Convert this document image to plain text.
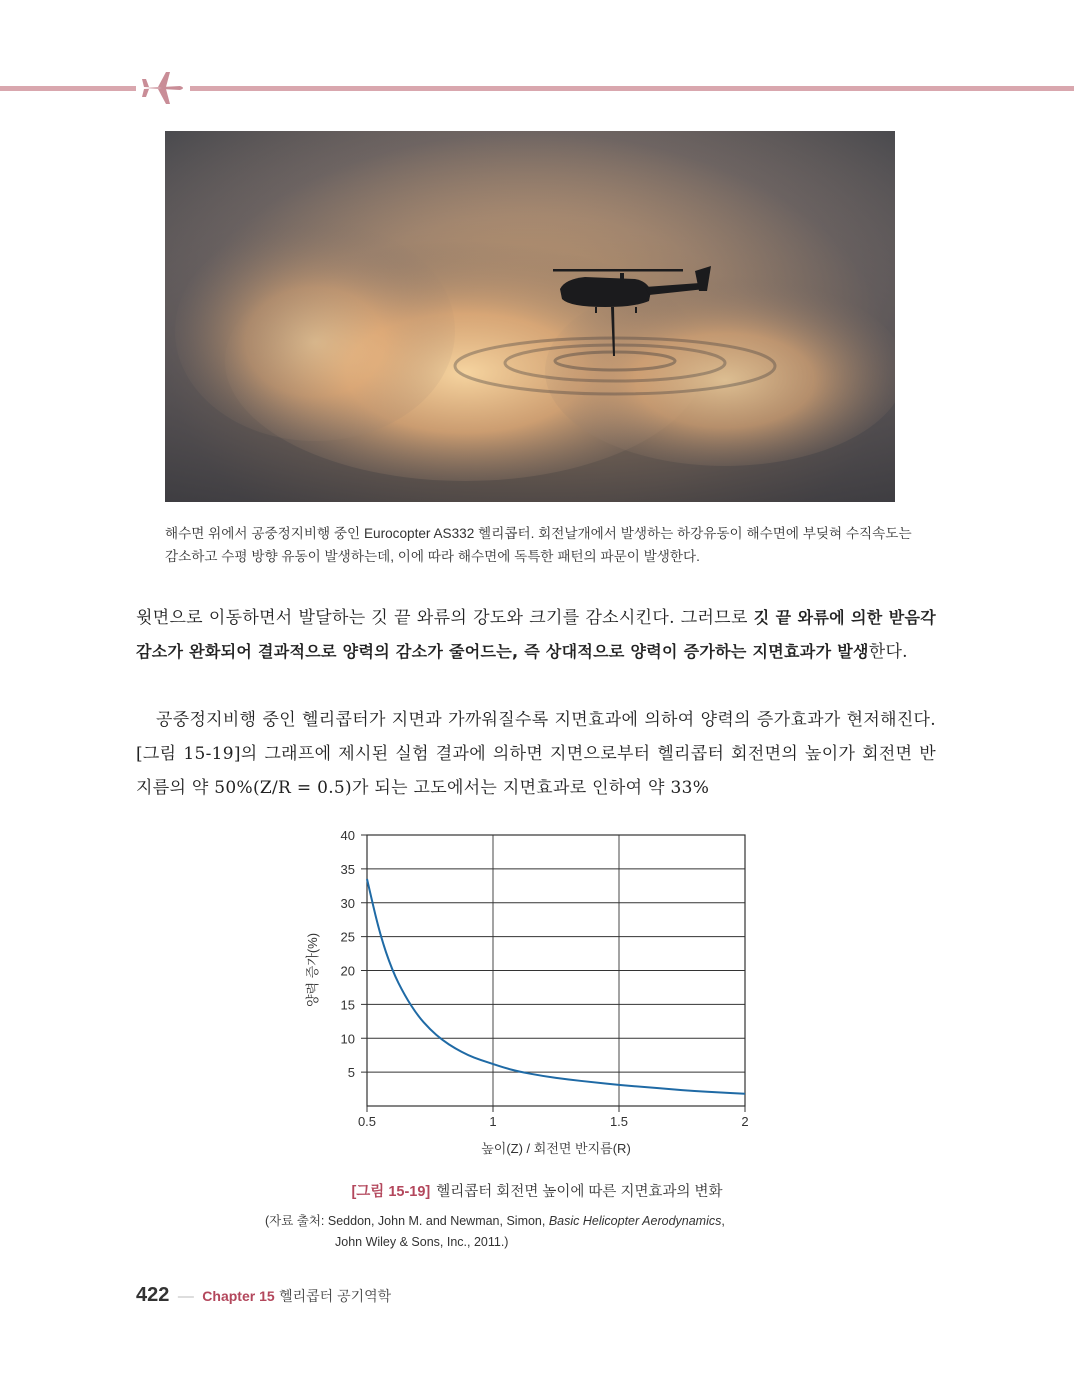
해수면 위에서 공중정지비행 중인 Eurocopter AS332 헬리콥터. 회전날개에서 발생하는 하강유동이 해수면에 부딪혀 수직속도는 감소하고 수평 방향 유동이 발생하는데, 이에 따라 해수면에 독특한 패턴의 파문이 발생한다.
윗면으로 이동하면서 발달하는 깃 끝 와류의 강도와 크기를 감소시킨다. 그러므로 깃 끝 와류에 의한 받음각 감소가 완화되어 결과적으로 양력의 감소가 줄어드는, 즉 상대적으로 양력이 증가하는 지면효과가 발생한다.
공중정지비행 중인 헬리콥터가 지면과 가까워질수록 지면효과에 의하여 양력의 증가효과가 현저해진다. [그림 15-19]의 그래프에 제시된 실험 결과에 의하면 지면으로부터 헬리콥터 회전면의 높이가 회전면 반지름의 약 50%(Z/R = 0.5)가 되는 고도에서는 지면효과로 인하여 약 33%
5
10
15
20
25
30
35
40
0.5	1	1.5	2
양력 증가(%)
높이(Z) / 회전면 반지름(R)
[그림 15-19] 헬리콥터 회전면 높이에 따른 지면효과의 변화
(자료 출처: Seddon, John M. and Newman, Simon, Basic Helicopter Aerodynamics,
John Wiley & Sons, Inc., 2011.)
422 — Chapter 15 헬리콥터 공기역학
